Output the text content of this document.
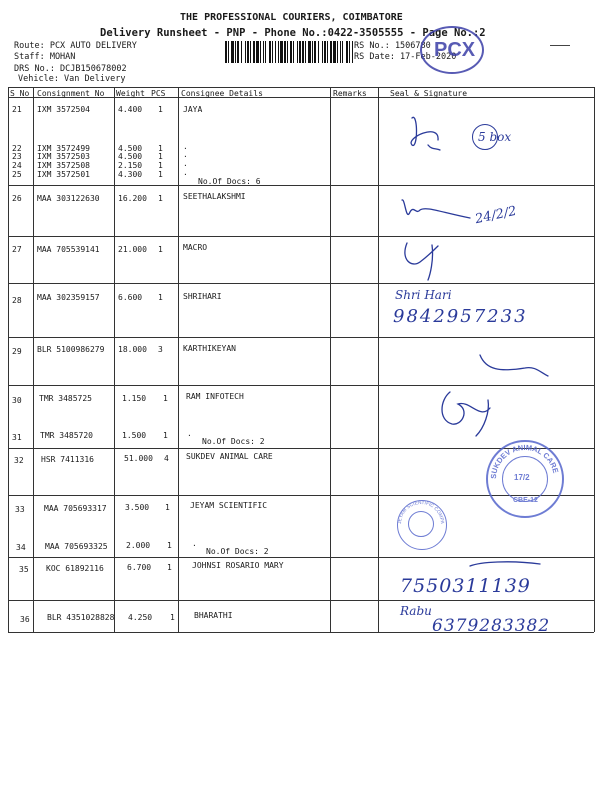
THE PROFESSIONAL COURIERS, COIMBATORE
Delivery Runsheet - PNP - Phone No.:0422-3505555 - Page No.:2
Route: PCX AUTO DELIVERY
Staff: MOHAN
DRS No.: DCJB150678002
Vehicle: Van Delivery
RS No.: 1506780
RS Date: 17-Feb-2020
PCX
S No Consignment No Weight PCS Consignee Details	Remarks	Seal & Signature
21 IXM 3572504	4.400 1	JAYA
22 IXM 3572499	4.500 1	.
23 IXM 3572503	4.500 1	.
24 IXM 3572508	2.150 1	.
25 IXM 3572501	4.300 1	.
No.Of Docs: 6
26 MAA 303122630 16.200 1	SEETHALAKSHMI
27 MAA 705539141 21.000 1	MACRO
28 MAA 302359157 6.600 1	SHRIHARI
29 BLR 5100986279 18.000 3	KARTHIKEYAN
30 TMR 3485725	1.150 1 RAM INFOTECH
31 TMR 3485720	1.500 1 .
No.Of Docs: 2
32 HSR 7411316	51.000 4 SUKDEV ANIMAL CARE
33 MAA 705693317 3.500 1	JEYAM SCIENTIFIC
34 MAA 705693325 2.000 1	.
No.Of Docs: 2
35 KOC 61892116	6.700 1	JOHNSI ROSARIO MARY
36 BLR 4351028828 4.250 1 BHARATHI
5 box
24/2/2
Shri Hari
9842957233
7550311139
Rabu
6379283382
SUKDEV ANIMAL CARE
17/2
CBE-12
JEYAM SCIENTIFIC COMPA
